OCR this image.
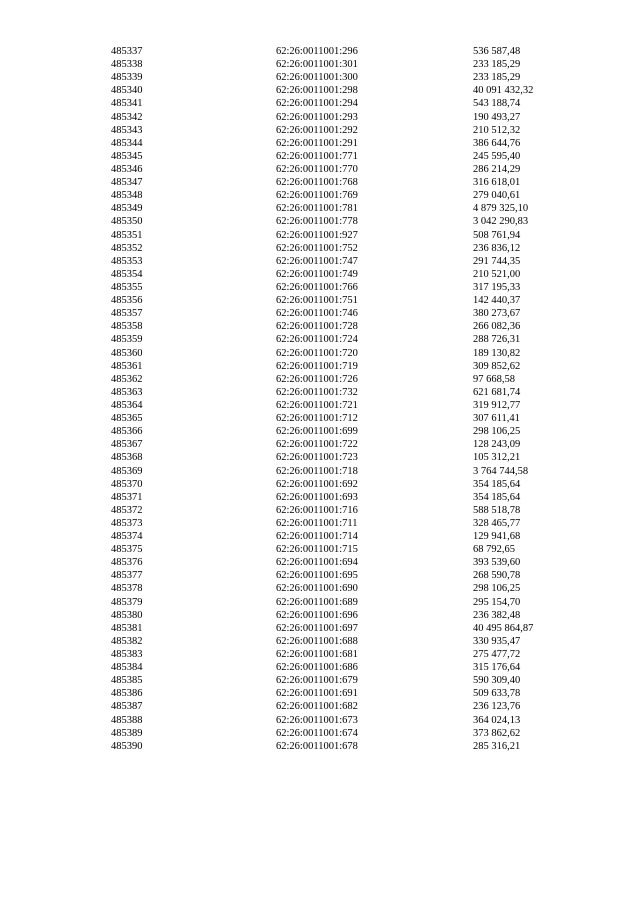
485337	62:26:0011001:296	536 587,48
485338	62:26:0011001:301	233 185,29
485339	62:26:0011001:300	233 185,29
485340	62:26:0011001:298	40 091 432,32
485341	62:26:0011001:294	543 188,74
485342	62:26:0011001:293	190 493,27
485343	62:26:0011001:292	210 512,32
485344	62:26:0011001:291	386 644,76
485345	62:26:0011001:771	245 595,40
485346	62:26:0011001:770	286 214,29
485347	62:26:0011001:768	316 618,01
485348	62:26:0011001:769	279 040,61
485349	62:26:0011001:781	4 879 325,10
485350	62:26:0011001:778	3 042 290,83
485351	62:26:0011001:927	508 761,94
485352	62:26:0011001:752	236 836,12
485353	62:26:0011001:747	291 744,35
485354	62:26:0011001:749	210 521,00
485355	62:26:0011001:766	317 195,33
485356	62:26:0011001:751	142 440,37
485357	62:26:0011001:746	380 273,67
485358	62:26:0011001:728	266 082,36
485359	62:26:0011001:724	288 726,31
485360	62:26:0011001:720	189 130,82
485361	62:26:0011001:719	309 852,62
485362	62:26:0011001:726	97 668,58
485363	62:26:0011001:732	621 681,74
485364	62:26:0011001:721	319 912,77
485365	62:26:0011001:712	307 611,41
485366	62:26:0011001:699	298 106,25
485367	62:26:0011001:722	128 243,09
485368	62:26:0011001:723	105 312,21
485369	62:26:0011001:718	3 764 744,58
485370	62:26:0011001:692	354 185,64
485371	62:26:0011001:693	354 185,64
485372	62:26:0011001:716	588 518,78
485373	62:26:0011001:711	328 465,77
485374	62:26:0011001:714	129 941,68
485375	62:26:0011001:715	68 792,65
485376	62:26:0011001:694	393 539,60
485377	62:26:0011001:695	268 590,78
485378	62:26:0011001:690	298 106,25
485379	62:26:0011001:689	295 154,70
485380	62:26:0011001:696	236 382,48
485381	62:26:0011001:697	40 495 864,87
485382	62:26:0011001:688	330 935,47
485383	62:26:0011001:681	275 477,72
485384	62:26:0011001:686	315 176,64
485385	62:26:0011001:679	590 309,40
485386	62:26:0011001:691	509 633,78
485387	62:26:0011001:682	236 123,76
485388	62:26:0011001:673	364 024,13
485389	62:26:0011001:674	373 862,62
485390	62:26:0011001:678	285 316,21
